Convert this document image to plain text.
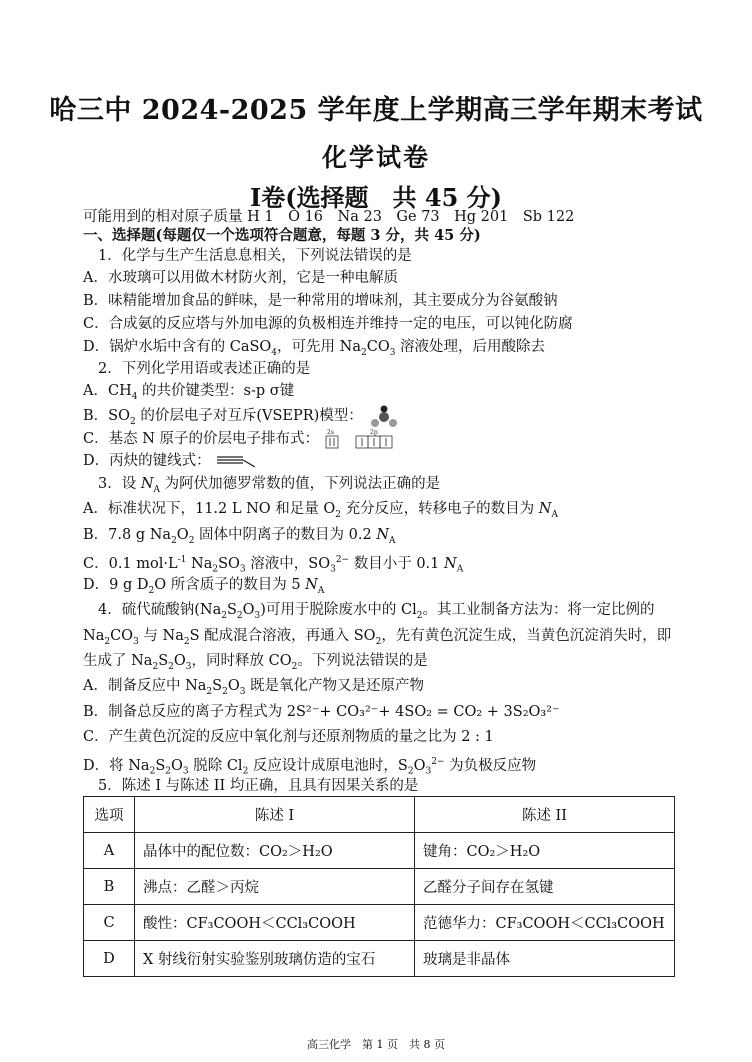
哈三中 2024-2025 学年度上学期高三学年期末考试
化学试卷
I卷(选择题　共 45 分)
可能用到的相对原子质量 H 1　O 16　Na 23　Ge 73　Hg 201　Sb 122
一、选择题(每题仅一个选项符合题意，每题 3 分，共 45 分)
1．化学与生产生活息息相关，下列说法错误的是
A．水玻璃可以用做木材防火剂，它是一种电解质
B．味精能增加食品的鲜味，是一种常用的增味剂，其主要成分为谷氨酸钠
C．合成氨的反应塔与外加电源的负极相连并维持一定的电压，可以钝化防腐
D．锅炉水垢中含有的 CaSO$_4$，可先用 $Na_2CO_3$ 溶液处理，后用酸除去
2．下列化学用语或表述正确的是
A．$CH_4$ 的共价键类型：s-p σ键
B．$SO_2$ 的价层电子对互斥(VSEPR)模型：
C．基态 N 原子的价层电子排布式： 2s	2p
D．丙炔的键线式：
3．设 $N_A$ 为阿伏加德罗常数的值，下列说法正确的是
A．标准状况下，11.2 L NO 和足量 $O_2$ 充分反应，转移电子的数目为 $N_A$
B．7.8 g $Na_2O_2$ 固体中阴离子的数目为 0.2 $N_A$
C．0.1 $mol\cdot L^{-1}$ $Na_2SO_3$ 溶液中，$SO_3^{2-}$ 数目小于 0.1 $N_A$
D．9 g $D_2O$ 所含质子的数目为 5 $N_A$
4．硫代硫酸钠$(Na_2S_2O_3)$可用于脱除废水中的 $Cl_2$。其工业制备方法为：将一定比例的
$Na_2CO_3$ 与 $Na_2S$ 配成混合溶液，再通入 $SO_2$，先有黄色沉淀生成，当黄色沉淀消失时，即
生成了 $Na_2S_2O_3$，同时释放 $CO_2$。下列说法错误的是
A．制备反应中 $Na_2S_2O_3$ 既是氧化产物又是还原产物
B．制备总反应的离子方程式为 2S²⁻+ CO₃²⁻+ 4SO₂ = CO₂ + 3S₂O₃²⁻
C．产生黄色沉淀的反应中氧化剂与还原剂物质的量之比为 2 : 1
D．将 $Na_2S_2O_3$ 脱除 $Cl_2$ 反应设计成原电池时，$S_2O_3^{2-}$ 为负极反应物
5．陈述 I 与陈述 II 均正确，且具有因果关系的是
选项	陈述 I	陈述 II
A	晶体中的配位数：CO₂＞H₂O	键角：CO₂＞H₂O
B	沸点：乙醛＞丙烷	乙醛分子间存在氢键
C	酸性：CF₃COOH＜CCl₃COOH	范德华力：CF₃COOH＜CCl₃COOH
D	X 射线衍射实验鉴别玻璃仿造的宝石	玻璃是非晶体
高三化学　第 1 页　共 8 页
